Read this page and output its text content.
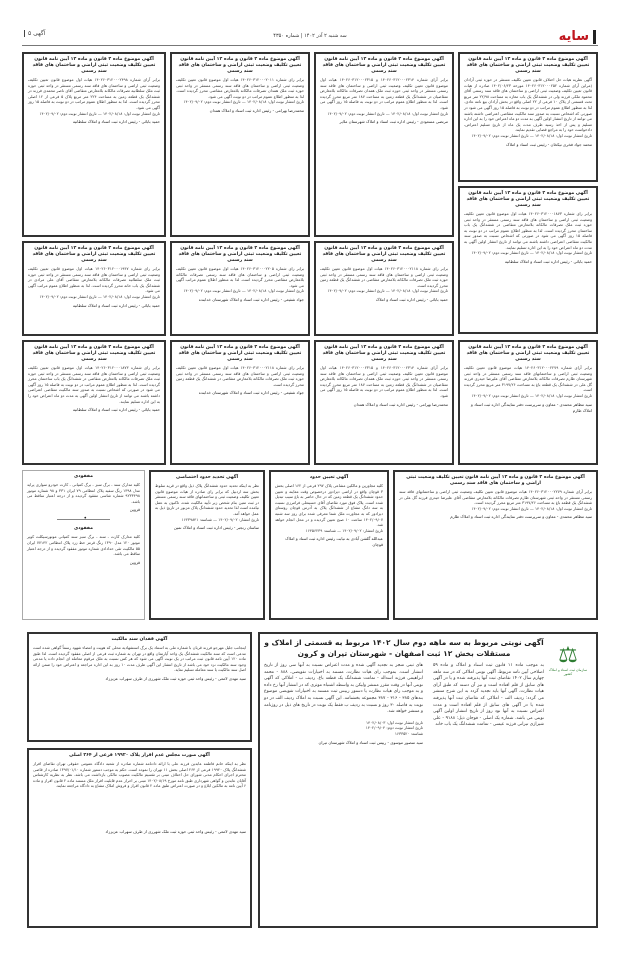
سایه
سه شنبه ۲ آذر ۱۴۰۲ | شماره ۴۳۵۰
آگهی ۵
آگهی موضوع ماده ۳ قانون و ماده ۱۳ آیین نامه قانون تعیین تکلیف وضعیت ثبتی اراضی و ساختمان های فاقد سند رسمی

آگهی نظریه هیات حل اختلاف قانون تعیین تکلیف مستقر در حوزه ثبتی آزادان (مراین آرای شماره ۱۴۰۲۶۰۳۱۲۰۰۰۲۵۲ مورخه ۱۴۰۲/۰۶/۲۳ صادره از هیات قانون تعیین تکلیف وضعیت ثبتی اراضی و ساختمان های فاقد سند رسمی آقای محمود ملکی فرزند ولی در ششدانگ یک باب مغازه به مساحت ۲۲/۹۸ متر مربع تحت قسمتی از پلاک ۱۰ فرعی از ۲۲ اصلی واقع در بخش آزادان بیع نامه عادی. لذا به منظور اطلاع عموم مراتب در دو نوبت به فاصله ۱۵ روز آگهی می شود در صورتی که اشخاص نسبت به صدور سند مالکیت متقاضی اعتراضی داشته باشند می توانند از تاریخ انتشار اولین آگهی به مدت دو ماه اعتراض خود را به این اداره تسلیم و پس از اخذ رسید ظرف مدت یک ماه از تاریخ تسلیم اعتراض، دادخواست خود را به مراجع قضایی تقدیم نمایند.

تاریخ انتشار نوبت اول: ۱۴۰۲/۰۸/۱۸ — تاریخ انتشار نوبت دوم: ۱۴۰۲/۰۹/۰۲
محمد جواد فخری نیکخان - رئیس ثبت اسناد و املاک
آگهی موضوع ماده ۳ قانون و ماده ۱۳ آیین نامه قانون تعیین تکلیف وضعیت ثبتی اراضی و ساختمان های فاقد سند رسمی

برابر آرای شماره ۱۴۰۲۶۰۳۱۲۰۰۰۲۳۱۴ و ۱۴۰۲۶۰۳۱۲۰۰۰۲۳۱۵ هیات اول موضوع قانون تعیین تکلیف وضعیت ثبتی اراضی و ساختمان های فاقد سند رسمی مستقر در واحد ثبتی حوزه ثبت ملک همدان تصرفات مالکانه بلامعارض متقاضیان در ششدانگ یک قطعه زمین به مساحت ۱۸۷ متر مربع محرز گردیده است. لذا به منظور اطلاع عموم مراتب در دو نوبت به فاصله ۱۵ روز آگهی می شود.

تاریخ انتشار نوبت اول: ۱۴۰۲/۰۸/۱۸ — تاریخ انتشار نوبت دوم: ۱۴۰۲/۰۹/۰۲
مرتضی مسعودی - رئیس اداره ثبت اسناد و املاک شهرستان ملایر
آگهی موضوع ماده ۳ قانون و ماده ۱۳ آیین نامه قانون تعیین تکلیف وضعیت ثبتی اراضی و ساختمان های فاقد سند رسمی

برابر رای شماره ۱۴۰۲۶۰۳۱۲۰۰۰۲۰۱۱ هیات اول موضوع قانون تعیین تکلیف وضعیت ثبتی اراضی و ساختمان های فاقد سند رسمی مستقر در واحد ثبتی حوزه ثبت ملک همدان تصرفات مالکانه بلامعارض متقاضی محرز گردیده است. لذا به منظور اطلاع عموم مراتب در دو نوبت آگهی می شود.

تاریخ انتشار نوبت اول: ۱۴۰۲/۰۸/۱۸ — تاریخ انتشار نوبت دوم: ۱۴۰۲/۰۹/۰۲
محمدرضا بهرامی - رئیس اداره ثبت اسناد و املاک همدان
آگهی موضوع ماده ۳ قانون و ماده ۱۳ آیین نامه قانون تعیین تکلیف وضعیت ثبتی اراضی و ساختمان های فاقد سند رسمی

برابر آرای شماره ۱۴۰۲۶۰۳۱۲۰۰۰۲۴۹۸ هیات اول موضوع قانون تعیین تکلیف وضعیت ثبتی اراضی و ساختمان های فاقد سند رسمی مستقر در واحد ثبتی حوزه ثبت ملک سلطانیه تصرفات مالکانه بلامعارض متقاضی آقای ناصر محمدی فرزند در ششدانگ یک قطعه زمین به مساحت ۲۲۴ متر مربع پلاک ۵ فرعی از ۱۲ اصلی محرز گردیده است. لذا به منظور اطلاع عموم مراتب در دو نوبت به فاصله ۱۵ روز آگهی می شود.

تاریخ انتشار نوبت اول: ۱۴۰۲/۰۸/۱۸ — تاریخ انتشار نوبت دوم: ۱۴۰۲/۰۹/۰۲
حمید بابائی - رئیس اداره ثبت اسناد و املاک سلطانیه
آگهی موضوع ماده ۳ قانون و ماده ۱۳ آیین نامه قانون تعیین تکلیف وضعیت ثبتی اراضی و ساختمان های فاقد سند رسمی

برابر رای شماره ۱۴۰۲۶۰۳۱۲۰۰۰۱۸۷۳ هیات اول موضوع قانون تعیین تکلیف وضعیت ثبتی اراضی و ساختمان های فاقد سند رسمی مستقر در واحد ثبتی حوزه ثبت ملک تصرفات مالکانه بلامعارض متقاضی در ششدانگ یک باب ساختمان محرز گردیده است. لذا به منظور اطلاع عموم مراتب در دو نوبت به فاصله ۱۵ روز آگهی می شود در صورتی که اشخاص نسبت به صدور سند مالکیت متقاضی اعتراضی داشته باشند می توانند از تاریخ انتشار اولین آگهی به مدت دو ماه اعتراض خود را به این اداره تسلیم نمایند.

تاریخ انتشار نوبت اول: ۱۴۰۲/۰۸/۱۸ — تاریخ انتشار نوبت دوم: ۱۴۰۲/۰۹/۰۲
حمید بابائی - رئیس اداره ثبت اسناد و املاک سلطانیه
آگهی موضوع ماده ۳ قانون و ماده ۱۳ آیین نامه قانون تعیین تکلیف وضعیت ثبتی اراضی و ساختمان های فاقد سند رسمی

برابر رای شماره ۱۴۰۲۶۰۳۱۲۰۰۰۲۱۱۸ هیات اول موضوع قانون تعیین تکلیف وضعیت ثبتی اراضی و ساختمان های فاقد سند رسمی مستقر در واحد ثبتی حوزه ثبت ملک تصرفات مالکانه بلامعارض متقاضی در ششدانگ یک قطعه زمین محرز گردیده است.

تاریخ انتشار نوبت اول: ۱۴۰۲/۰۸/۱۸ — تاریخ انتشار نوبت دوم: ۱۴۰۲/۰۹/۰۲
حمید بابائی - رئیس اداره ثبت اسناد و املاک
آگهی موضوع ماده ۳ قانون و ماده ۱۳ آیین نامه قانون تعیین تکلیف وضعیت ثبتی اراضی و ساختمان های فاقد سند رسمی

برابر رای شماره ۱۴۰۲۶۰۳۱۲۰۰۰۲۲۰۵ هیات اول موضوع قانون تعیین تکلیف وضعیت ثبتی اراضی و ساختمان های فاقد سند رسمی تصرفات مالکانه بلامعارض متقاضی محرز گردیده است. لذا به منظور اطلاع عموم مراتب آگهی می شود.

تاریخ انتشار نوبت اول: ۱۴۰۲/۰۸/۱۸ — تاریخ انتشار نوبت دوم: ۱۴۰۲/۰۹/۰۲
جواد شفیعی - رئیس اداره ثبت اسناد و املاک شهرستان خدابنده
آگهی موضوع ماده ۳ قانون و ماده ۱۳ آیین نامه قانون تعیین تکلیف وضعیت ثبتی اراضی و ساختمان های فاقد سند رسمی

برابر رای شماره ۱۴۰۲۶۰۳۱۲۰۰۰۱۹۴۷ هیات اول موضوع قانون تعیین تکلیف وضعیت ثبتی اراضی و ساختمان های فاقد سند رسمی مستقر در واحد ثبتی حوزه ثبت ملک سلطانیه تصرفات مالکانه بلامعارض متقاضی آقای علی مرادی در ششدانگ یک باب خانه محرز گردیده است. لذا به منظور اطلاع عموم مراتب آگهی می شود.

تاریخ انتشار نوبت اول: ۱۴۰۲/۰۸/۱۸ — تاریخ انتشار نوبت دوم: ۱۴۰۲/۰۹/۰۲
حمید بابائی - رئیس اداره ثبت اسناد و املاک سلطانیه
آگهی موضوع ماده ۳ قانون و ماده ۱۳ آیین نامه قانون تعیین تکلیف وضعیت ثبتی اراضی و ساختمان های فاقد سند رسمی

برابر آرای شماره ۱۴۰۲۶۰۳۱۲۰۰۰۲۲۷۹ هیات موضوع قانون تعیین تکلیف وضعیت ثبتی اراضی و ساختمانهای فاقد سند رسمی مستقر در واحد ثبتی شهرستان طارم تصرفات مالکانه بلامعارض متقاضی آقای علیرضا حیدری فرزند گل علی در ششدانگ یک قطعه باغ به مساحت ۳۱۹۷/۲۶ متر مربع محرز گردیده است.

تاریخ انتشار نوبت اول: ۱۴۰۲/۰۸/۱۸ — تاریخ انتشار نوبت دوم: ۱۴۰۲/۰۹/۰۲
سید مظاهر محمدی - معاون و سرپرست دفتر نمایندگی اداره ثبت اسناد و املاک طارم
آگهی موضوع ماده ۳ قانون و ماده ۱۳ آیین نامه قانون تعیین تکلیف وضعیت ثبتی اراضی و ساختمان های فاقد سند رسمی

برابر آرای شماره ۱۴۰۲۶۰۳۱۲۰۰۰۲۳۱۴ و ۱۴۰۲۶۰۳۱۲۰۰۰۲۳۱۵ هیات اول موضوع قانون تعیین تکلیف وضعیت ثبتی اراضی و ساختمان های فاقد سند رسمی مستقر در واحد ثبتی حوزه ثبت ملک همدان تصرفات مالکانه بلامعارض متقاضیان در ششدانگ یک قطعه زمین به مساحت ۱۸۷ متر مربع محرز گردیده است. لذا به منظور اطلاع عموم مراتب در دو نوبت به فاصله ۱۵ روز آگهی می شود.

محمدرضا بهرامی - رئیس اداره ثبت اسناد و املاک همدان
آگهی موضوع ماده ۳ قانون و ماده ۱۳ آیین نامه قانون تعیین تکلیف وضعیت ثبتی اراضی و ساختمان های فاقد سند رسمی

برابر رای شماره ۱۴۰۲۶۰۳۱۲۰۰۰۲۱۱۸ هیات اول موضوع قانون تعیین تکلیف وضعیت ثبتی اراضی و ساختمان های فاقد سند رسمی مستقر در واحد ثبتی حوزه ثبت ملک تصرفات مالکانه بلامعارض متقاضی در ششدانگ یک قطعه زمین محرز گردیده است.

جواد شفیعی - رئیس اداره ثبت اسناد و املاک شهرستان خدابنده
آگهی موضوع ماده ۳ قانون و ماده ۱۳ آیین نامه قانون تعیین تکلیف وضعیت ثبتی اراضی و ساختمان های فاقد سند رسمی

برابر رای شماره ۱۴۰۲۶۰۳۱۲۰۰۰۱۸۷۳ هیات اول موضوع قانون تعیین تکلیف وضعیت ثبتی اراضی و ساختمان های فاقد سند رسمی مستقر در واحد ثبتی حوزه ثبت ملک تصرفات مالکانه بلامعارض متقاضی در ششدانگ یک باب ساختمان محرز گردیده است. لذا به منظور اطلاع عموم مراتب در دو نوبت به فاصله ۱۵ روز آگهی می شود در صورتی که اشخاص نسبت به صدور سند مالکیت متقاضی اعتراضی داشته باشند می توانند از تاریخ انتشار اولین آگهی به مدت دو ماه اعتراض خود را به این اداره تسلیم نمایند.

حمید بابائی - رئیس اداره ثبت اسناد و املاک سلطانیه
آگهی موضوع ماده ۳ قانون و ماده ۱۳ آیین نامه قانون تعیین تکلیف وضعیت ثبتی اراضی و ساختمان های فاقد سند رسمی

برابر آرای شماره ۱۴۰۲۶۰۳۱۲۰۰۰۲۲۷۹ هیات موضوع قانون تعیین تکلیف وضعیت ثبتی اراضی و ساختمانهای فاقد سند رسمی مستقر در واحد ثبتی شهرستان طارم تصرفات مالکانه بلامعارض متقاضی آقای علیرضا حیدری فرزند گل علی در ششدانگ یک قطعه باغ به مساحت ۳۱۹۷/۲۶ متر مربع محرز گردیده است.

تاریخ انتشار نوبت اول: ۱۴۰۲/۰۸/۱۸ — تاریخ انتشار نوبت دوم: ۱۴۰۲/۰۹/۰۲
سید مظاهر محمدی - معاون و سرپرست دفتر نمایندگی اداره ثبت اسناد و املاک طارم
آگهی تعیین حدود

کلیه مجاورین و مالکین مشاعی پلاک ۲۹۷ فرعی از ۱۶۲ اصلی بخش ۳ قوچان واقع در اراضی دیزادور درخصوص وقت معاینه و تعیین حدود ششدانگ یک قطعه زمین که در حال حاضر به باغ سیب تبدیل شده است. پلاک فوق مورد تقاضای آقای حسینعلی فرامرزی نسبت به سه دانگ مشاع از ششدانگ پلاک به آدرس قوچان روستای دیزادور که به مجاورت ملک شما معرفی شده برای روز سه شنبه ۱۴۰۲/۰۹/۰۷ ساعت ۱۰ صبح تعیین گردیده و در محل انجام خواهد شد.

تاریخ انتشار: ۱۴۰۲/۰۹/۰۲ — شناسه: ۱۶۴۵۶۲۳۹
عبدالله گلشن آبادی به نیابت رئیس اداره ثبت اسناد و املاک قوچان
آگهی تحدید حدود اختصاصی

نظر به اینکه تحدید حدود ششدانگ پلاک ذیل واقع در قریه سلوط بخش سه اردبیل که برابر رای صادره از هیات موضوع قانون تعیین تکلیف وضعیت ثبتی و ساختمانهای فاقد سند رسمی مستقر در ثبت تمین بنام شخص زیر تأیید مالکیت شده، تاکنون به عمل نیامده است لذا تحدید حدود ششدانگ پلاک مزبور در تاریخ ذیل به عمل خواهد آمد.

تاریخ انتشار: ۱۴۰۲/۰۹/۰۲ — شناسه: ۱۶۲۳۹۸۴۱
ساسان رنجبر - رئیس اداره ثبت اسناد و املاک نمین
مفقودی

کلیه مدارک سند - برگ سبز - برگ کمپانی - کارت خودرو سواری پراید مدل ۱۳۹۸ رنگ سفید پلاک انتظامی ۷۹ ایران ۳۳۱ و ۹۸ شماره موتور ۹۲۳۳۴۹۸ شماره شاسی مفقود گردیده و از درجه اعتبار ساقط می باشد.

قزوین
•
مفقودی

کلیه مدارک کارت - سند - برگ سبز سند کمپانی موتورسیکلت کویر موتور ۱۲۰ مدل ۱۳۹۰ رنگ قرمز خط زرد پلاک انتظامی ۷۷۱۴۲ ایران ۵۵ مالکیت تقی خدادادی شماره موتور مفقود گردیده و از درجه اعتبار ساقط می باشد.

قزوین
آگهی فقدان سند مالکیت

اینجانب جلیل مهرجو فرزند قربان با شماره ملی به استناد یک برگ استشهادیه محلی که هویت و امضاء شهود رسماً گواهی شده است مدعی است که سند مالکیت ششدانگ یک واحد آپارتمان واقع در تهران به شماره ثبت فرعی از اصلی مفقود گردیده است. لذا طبق ماده ۱۲۰ آیین نامه قانون ثبت مراتب در یک نوبت آگهی می شود که هر کس نسبت به ملک مرقوم معامله ای انجام داده یا مدعی وجود سند مالکیت نزد خود می باشد از تاریخ انتشار این آگهی ظرف مدت ۱۰ روز به این اداره مراجعه و اعتراض خود را ضمن ارائه اصل سند مالکیت یا سند معامله تسلیم نماید.

سید مهدی لامعی - رئیس واحد ثبتی حوزه ثبت ملک شهرری از طرف سهراب عزیززاد
آگهی صورت مجلس عدم افراز پلاک ۱۹۹۲۰ فرعی از ۲۶۴ اصلی

نظر به اینکه خانم فاطمه عابدین فرزند علی با ارائه دادنامه شماره صادره از شعبه دادگاه عمومی حقوقی تهران تقاضای افراز ششدانگ پلاک ۱۹۹۲۰ فرعی از ۲۶۴ اصلی بخش ۱۱ تهران را نموده است. حکم به موجب دستور شماره ۱۳۹۷/۰۱/۱۰ صادره از قاضی محترم اجرای احکام مدنی شورای حل اختلاف مبنی بر تقسیم مالکیت مصوب مالکی بازداشت می باشد. نظر به نظریه کارشناس آقایان عابدین و گواهی شهرداری طبق نامه مورخ ۱۴۰۲/۰۸/۱۹ مبنی بر احراز عدم قابلیت افراز ملک مستند ماده ۲ قانون افراز و ماده ۶ آیین نامه به مالکین ابلاغ و در صورت اعتراض طبق ماده ۲ قانون افراز و فروش املاک مشاع به دادگاه مراجعه نمایند.

سید مهدی لامعی - رئیس واحد ثبتی حوزه ثبت ملک شهرری از طرف سهراب عزیززاد
⚖
سازمان ثبت اسناد و املاک کشور
آگهی نوبتی مربوط به سه ماهه دوم سال ۱۴۰۲ مربوط به قسمتی از املاک و مستقلات بخش ۱۲ ثبت اصفهان - شهرستان تیران و کرون

به موجب ماده ۱۱ قانون ثبت اسناد و املاک و ماده ۵۹ اصلاحی آیین نامه مربوط، آگهی نوبتی املاکی که در سه ماهه چهارم سال ۱۴۰۲ تقاضای ثبت آنها پذیرفته شده و یا در آگهی های سابق از قلم افتاده است و نیز آن دسته که طبق آرای هیات نظارت، آگهی آنها باید تجدید گردد به این شرح منتشر می گردد: ردیف الف - املاکی که تقاضای ثبت آنها پذیرفته شده یا در آگهی های سابق از قلم افتاده است و مدت اعتراض نسبت به آنها نود روز از تاریخ انتشار اولین آگهی نوبتی می باشد. شماره یک اصلی - فوجان ذیل: ۹۱۸۸ - علی شیرازی تیرانی فرزند عیسی - تمامت ششدانگ یک باب خانه

های ثبتی منجر به تجدید آگهی شده و مدت اعتراض نسبت به آنها سی روز از تاریخ انتشار است. بموجب رای هیات نظارت، مستند به اختیارات تفویضی، ۸۸۸ - محمد ابراهیمی فرزند اسداله - تمامت ششدانگ یک قطعه باغ. ردیف ب - املاکی که آگهی نوبتی آنها در وقت مقرر منتشر ولیکن به واسطه اشتباه موثری که در انتشار آنها رخ داده و به موجب رای هیات نظارت یا دستور رییس ثبت مستند به اختیارات تفویضی موضوع بندهای ۳۸۵ - ۳۱۶ - ۳۸۷ مجموعه بخشنامه. این آگهی نسبت به املاک ردیف الف در دو نوبت به فاصله ۳۰ روز و نسبت به ردیف ب فقط یک نوبت در تاریخ های ذیل در روزنامه و منتشر خواهد شد.

تاریخ انتشار نوبت اول: ۱۴۰۲/۰۸/۰۳
تاریخ انتشار نوبت دوم: ۱۴۰۲/۰۹/۰۴
شناسه: ۱۶۳۳۵۲۰
سید منصور موسوی - رییس ثبت اسناد و املاک شهرستان تیران
